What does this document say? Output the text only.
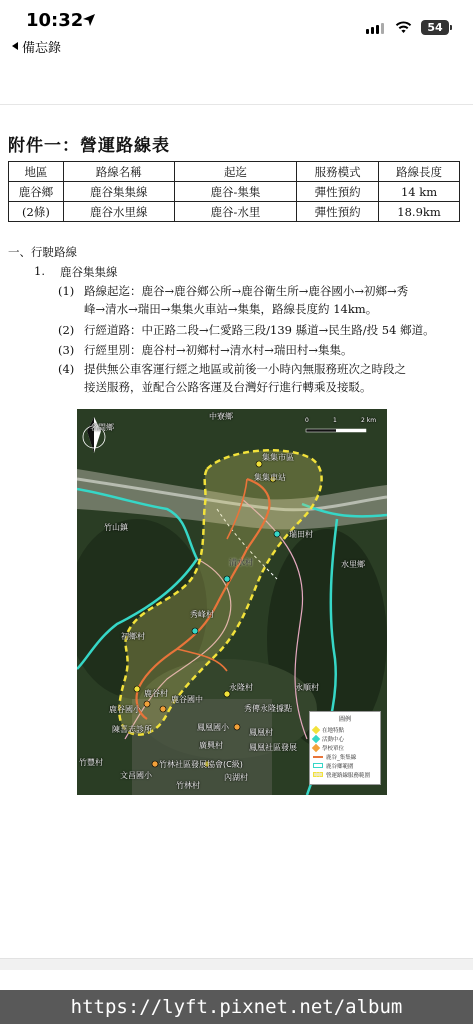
10:32	54
備忘錄
附件一：營運路線表
地區	路線名稱	起迄	服務模式	路線長度
鹿谷鄉	鹿谷集集線	鹿谷-集集	彈性預約	14 km
(2條)	鹿谷水里線	鹿谷-水里	彈性預約	18.9km
一、行駛路線
1. 鹿谷集集線
(1) 路線起迄：鹿谷→鹿谷鄉公所→鹿谷衛生所→鹿谷國小→初鄉→秀
峰→清水→瑞田→集集火車站→集集，路線長度約 14km。
(2) 行經道路：中正路二段→仁愛路三段/139 縣道→民生路/投 54 鄉道。
(3) 行經里別：鹿谷村→初鄉村→清水村→瑞田村→集集。
(4) 提供無公車客運行經之地區或前後一小時內無服務班次之時段之
接送服務，並配合公路客運及台灣好行進行轉乘及接駁。
中寮鄉
名間鄉
0	1	2 km
集集市區
集集車站
竹山鎮
瑞田村
水里鄉
清水村
秀峰村
初鄉村
永隆村	永順村
鹿谷村
鹿谷國中
鹿谷國小	秀傳永隆據點
陳喜志診所	鳳凰國小
鳳凰村
廣興村	鳳凰社區發展
竹林社區發展協會(C級)
竹豐村
文昌國小
竹林村
內湖村
圖例
在地特點
活動中心
學校單位
鹿谷_集集線
鹿谷鄉範圍
營運路線服務範圍
https://lyft.pixnet.net/album
